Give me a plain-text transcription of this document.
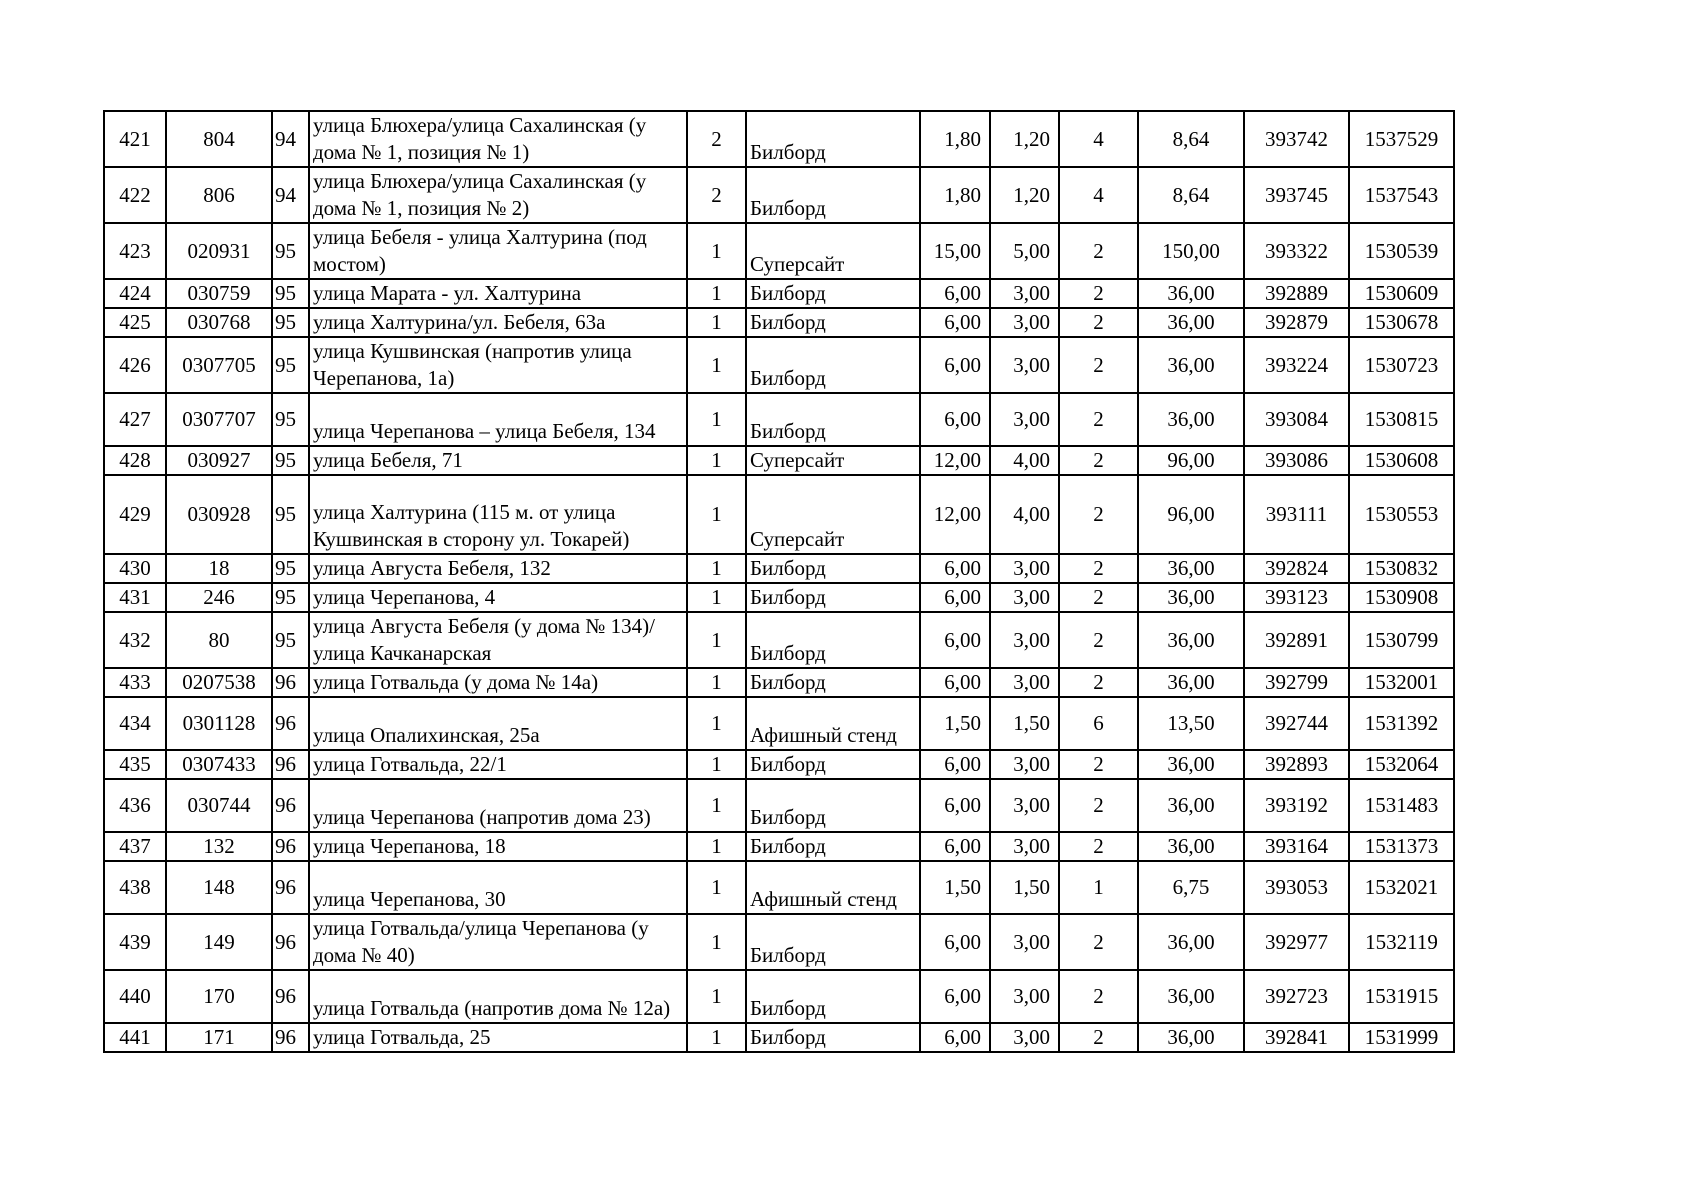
421	804	94	улица Блюхера/улица Сахалинская (у дома № 1, позиция № 1)	2	Билборд	1,80	1,20	4	8,64	393742	1537529
422	806	94	улица Блюхера/улица Сахалинская (у дома № 1, позиция № 2)	2	Билборд	1,80	1,20	4	8,64	393745	1537543
423	020931	95	улица Бебеля - улица Халтурина (под мостом)	1	Суперсайт	15,00	5,00	2	150,00	393322	1530539
424	030759	95	улица Марата - ул. Халтурина	1	Билборд	6,00	3,00	2	36,00	392889	1530609
425	030768	95	улица Халтурина/ул. Бебеля, 63а	1	Билборд	6,00	3,00	2	36,00	392879	1530678
426	0307705	95	улица Кушвинская (напротив улица Черепанова, 1а)	1	Билборд	6,00	3,00	2	36,00	393224	1530723
427	0307707	95	улица Черепанова – улица Бебеля, 134	1	Билборд	6,00	3,00	2	36,00	393084	1530815
428	030927	95	улица Бебеля, 71	1	Суперсайт	12,00	4,00	2	96,00	393086	1530608
429	030928	95	улица Халтурина (115 м. от улица Кушвинская в сторону ул. Токарей)	1	Суперсайт	12,00	4,00	2	96,00	393111	1530553
430	18	95	улица Августа Бебеля, 132	1	Билборд	6,00	3,00	2	36,00	392824	1530832
431	246	95	улица Черепанова, 4	1	Билборд	6,00	3,00	2	36,00	393123	1530908
432	80	95	улица Августа Бебеля (у дома № 134)/ улица Качканарская	1	Билборд	6,00	3,00	2	36,00	392891	1530799
433	0207538	96	улица Готвальда (у дома № 14а)	1	Билборд	6,00	3,00	2	36,00	392799	1532001
434	0301128	96	улица Опалихинская, 25а	1	Афишный стенд	1,50	1,50	6	13,50	392744	1531392
435	0307433	96	улица Готвальда, 22/1	1	Билборд	6,00	3,00	2	36,00	392893	1532064
436	030744	96	улица Черепанова (напротив дома 23)	1	Билборд	6,00	3,00	2	36,00	393192	1531483
437	132	96	улица Черепанова, 18	1	Билборд	6,00	3,00	2	36,00	393164	1531373
438	148	96	улица Черепанова, 30	1	Афишный стенд	1,50	1,50	1	6,75	393053	1532021
439	149	96	улица Готвальда/улица Черепанова (у дома № 40)	1	Билборд	6,00	3,00	2	36,00	392977	1532119
440	170	96	улица Готвальда (напротив дома № 12а)	1	Билборд	6,00	3,00	2	36,00	392723	1531915
441	171	96	улица Готвальда, 25	1	Билборд	6,00	3,00	2	36,00	392841	1531999
